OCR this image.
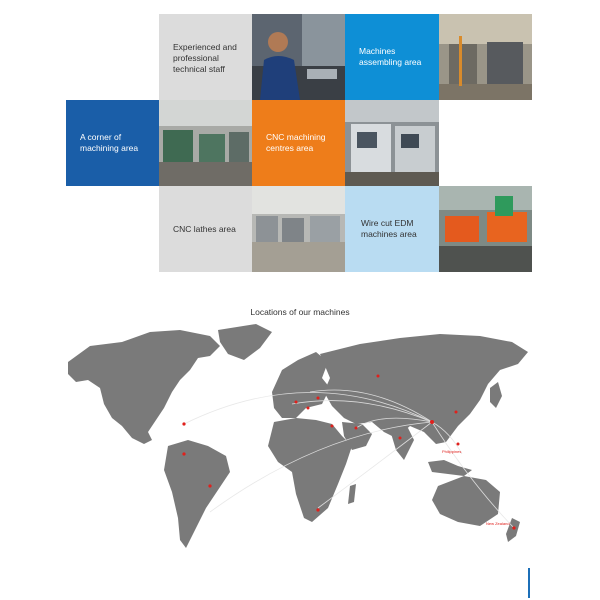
Experienced and
professional
technical staff
Machines
assembling area
A corner of
machining area
CNC machining
centres area
CNC lathes area
Wire cut EDM
machines area
Locations of our machines
Philippines
New Zealand
